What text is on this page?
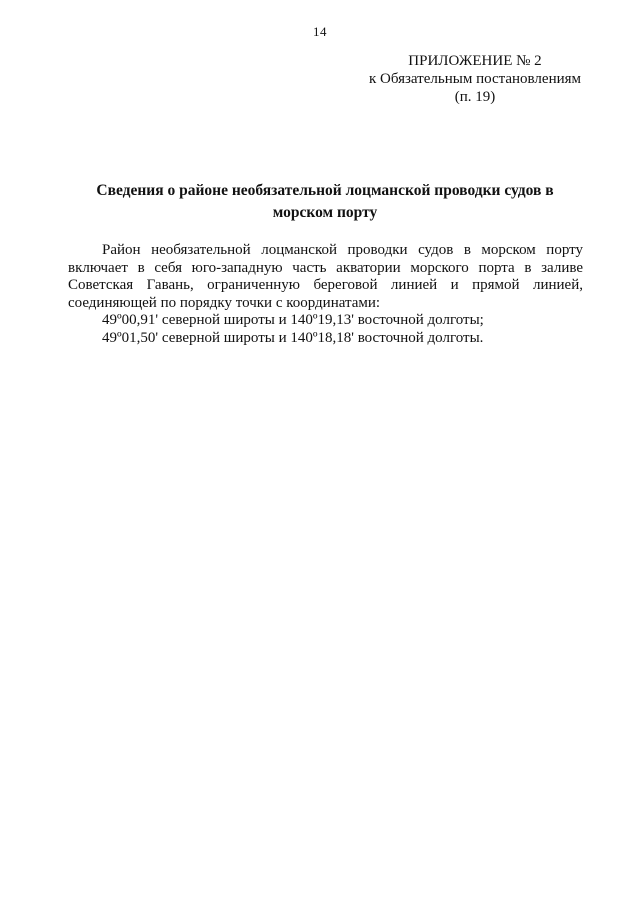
14
ПРИЛОЖЕНИЕ № 2
к Обязательным постановлениям
(п. 19)
Сведения о районе необязательной лоцманской проводки судов в морском порту

Район необязательной лоцманской проводки судов в морском порту включает в себя юго-западную часть акватории морского порта в заливе Советская Гавань, ограниченную береговой линией и прямой линией, соединяющей по порядку точки с координатами:

49º00,91' северной широты и 140º19,13' восточной долготы;

49º01,50' северной широты и 140º18,18' восточной долготы.
